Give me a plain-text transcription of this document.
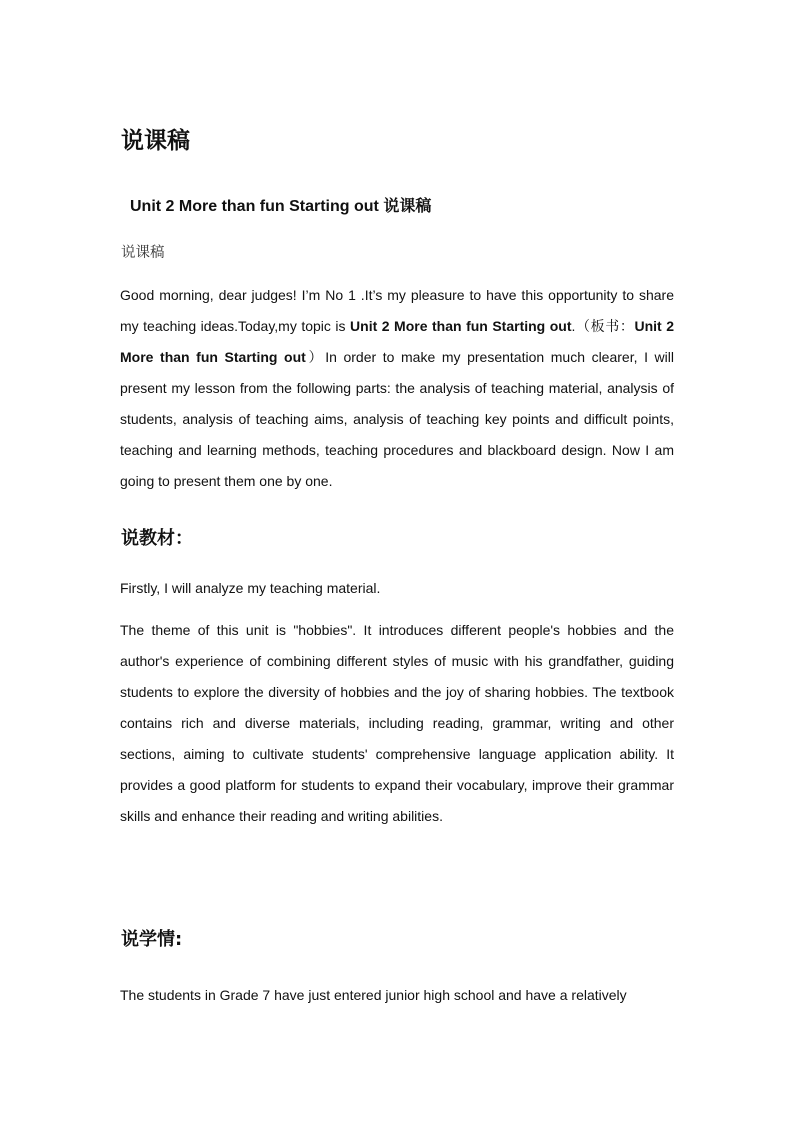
说课稿
Unit 2 More than fun Starting out 说课稿

说课稿

Good morning, dear judges! I’m No 1 .It’s my pleasure to have this opportunity to share my teaching ideas.Today,my topic is Unit 2 More than fun Starting out.（板书：Unit 2 More than fun Starting out）In order to make my presentation much clearer, I will present my lesson from the following parts: the analysis of teaching material, analysis of students, analysis of teaching aims, analysis of teaching key points and difficult points, teaching and learning methods, teaching procedures and blackboard design. Now I am going to present them one by one.

说教材：

Firstly, I will analyze my teaching material.

The theme of this unit is "hobbies". It introduces different people's hobbies and the author's experience of combining different styles of music with his grandfather, guiding students to explore the diversity of hobbies and the joy of sharing hobbies. The textbook contains rich and diverse materials, including reading, grammar, writing and other sections, aiming to cultivate students' comprehensive language application ability. It provides a good platform for students to expand their vocabulary, improve their grammar skills and enhance their reading and writing abilities.

说学情:

The students in Grade 7 have just entered junior high school and have a relatively
